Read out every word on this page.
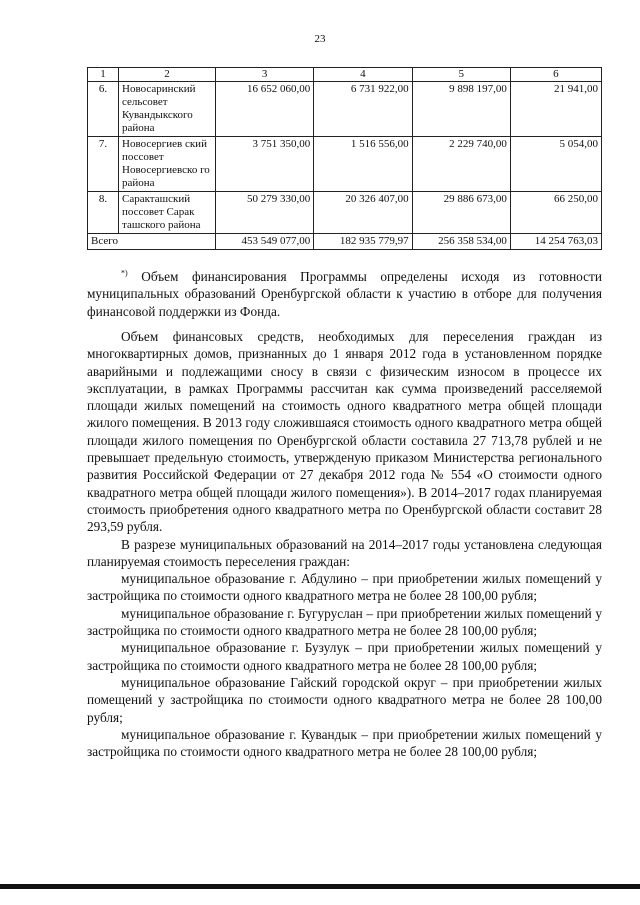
23
1	2	3	4	5	6
6.	Новосаринский сельсовет Кувандыкского района	16 652 060,00	6 731 922,00	9 898 197,00	21 941,00
7.	Новосергиев ский поссовет Новосергиевско го района	3 751 350,00	1 516 556,00	2 229 740,00	5 054,00
8.	Саракташский поссовет Сарак ташского района	50 279 330,00	20 326 407,00	29 886 673,00	66 250,00
Всего		453 549 077,00	182 935 779,97	256 358 534,00	14 254 763,03

*) Объем финансирования Программы определены исходя из готовности муниципальных образований Оренбургской области к участию в отборе для получения финансовой поддержки из Фонда.

Объем финансовых средств, необходимых для переселения граждан из многоквартирных домов, признанных до 1 января 2012 года в установленном порядке аварийными и подлежащими сносу в связи с физическим износом в процессе их эксплуатации, в рамках Программы рассчитан как сумма произведений расселяемой площади жилых помещений на стоимость одного квадратного метра общей площади жилого помещения. В 2013 году сложившаяся стоимость одного квадратного метра общей площади жилого помещения по Оренбургской области составила 27 713,78 рублей и не превышает предельную стоимость, утвержденую приказом Министерства регионального развития Российской Федерации от 27 декабря 2012 года № 554 «О стоимости одного квадратного метра общей площади жилого помещения»). В 2014–2017 годах планируемая стоимость приобретения одного квадратного метра по Оренбургской области составит 28 293,59 рубля.

В разрезе муниципальных образований на 2014–2017 годы установлена следующая планируемая стоимость переселения граждан:

муниципальное образование г. Абдулино – при приобретении жилых помещений у застройщика по стоимости одного квадратного метра не более 28 100,00 рубля;

муниципальное образование г. Бугуруслан – при приобретении жилых помещений у застройщика по стоимости одного квадратного метра не более 28 100,00 рубля;

муниципальное образование г. Бузулук – при приобретении жилых помещений у застройщика по стоимости одного квадратного метра не более 28 100,00 рубля;

муниципальное образование Гайский городской округ – при приобретении жилых помещений у застройщика по стоимости одного квадратного метра не более 28 100,00 рубля;

муниципальное образование г. Кувандык – при приобретении жилых помещений у застройщика по стоимости одного квадратного метра не более 28 100,00 рубля;
